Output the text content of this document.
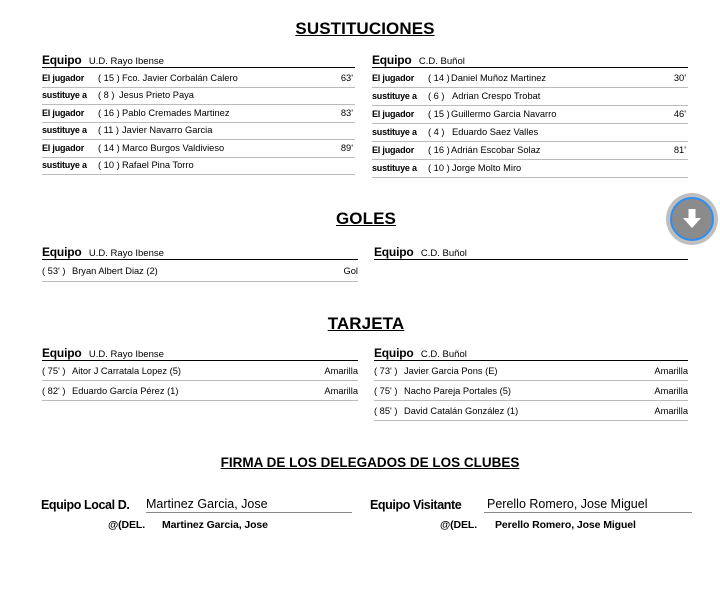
SUSTITUCIONES
Equipo U.D. Rayo Ibense
El jugador ( 15 ) Fco. Javier Corbalán Calero	63'
sustituye a ( 8 ) Jesus Prieto Paya
El jugador ( 16 ) Pablo Cremades Martinez	83'
sustituye a ( 11 ) Javier Navarro Garcia
El jugador ( 14 ) Marco Burgos Valdivieso	89'
sustituye a ( 10 ) Rafael Pina Torro
Equipo C.D. Buñol
El jugador ( 14 ) Daniel Muñoz Martinez	30'
sustituye a ( 6 ) Adrian Crespo Trobat
El jugador ( 15 ) Guillermo Garcia Navarro	46'
sustituye a ( 4 ) Eduardo Saez Valles
El jugador ( 16 ) Adrián Escobar Solaz	81'
sustituye a ( 10 ) Jorge Molto Miro
GOLES
Equipo U.D. Rayo Ibense
( 53' ) Bryan Albert Diaz (2)	Gol
Equipo C.D. Buñol
TARJETA
Equipo U.D. Rayo Ibense
( 75' ) Aitor J Carratala Lopez (5)	Amarilla
( 82' ) Eduardo García Pérez (1)	Amarilla
Equipo C.D. Buñol
( 73' ) Javier Garcia Pons (E)	Amarilla
( 75' ) Nacho Pareja Portales (5)	Amarilla
( 85' ) David Catalán González (1)	Amarilla
FIRMA DE LOS DELEGADOS DE LOS CLUBES
Equipo Local D. Martinez Garcia, Jose
@(DEL. Martinez Garcia, Jose
Equipo Visitante Perello Romero, Jose Miguel
@(DEL. Perello Romero, Jose Miguel
